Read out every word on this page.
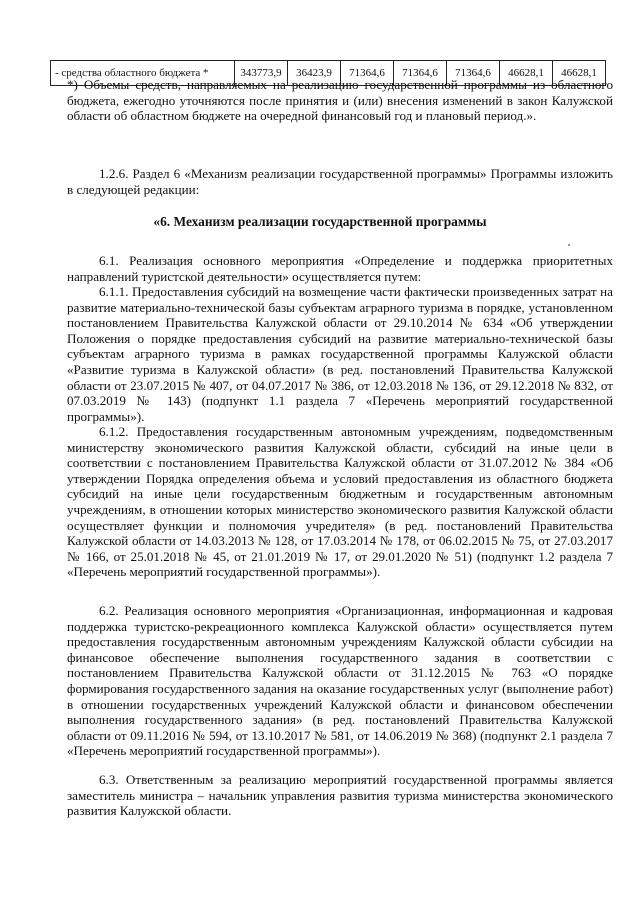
- средства областного бюджета *	343773,9	36423,9	71364,6	71364,6	71364,6	46628,1	46628,1

*) Объемы средств, направляемых на реализацию государственной программы из областного бюджета, ежегодно уточняются после принятия и (или) внесения изменений в закон Калужской области об областном бюджете на очередной финансовый год и плановый период.».

1.2.6. Раздел 6 «Механизм реализации государственной программы» Программы изложить в следующей редакции:

«6. Механизм реализации государственной программы

6.1. Реализация основного мероприятия «Определение и поддержка приоритетных направлений туристской деятельности» осуществляется путем:

6.1.1. Предоставления субсидий на возмещение части фактически произведенных затрат на развитие материально-технической базы субъектам аграрного туризма в порядке, установленном постановлением Правительства Калужской области от 29.10.2014 № 634 «Об утверждении Положения о порядке предоставления субсидий на развитие материально-технической базы субъектам аграрного туризма в рамках государственной программы Калужской области «Развитие туризма в Калужской области» (в ред. постановлений Правительства Калужской области от 23.07.2015 № 407, от 04.07.2017 № 386, от 12.03.2018 № 136, от 29.12.2018 № 832, от 07.03.2019 № 143) (подпункт 1.1 раздела 7 «Перечень мероприятий государственной программы»).

6.1.2. Предоставления государственным автономным учреждениям, подведомственным министерству экономического развития Калужской области, субсидий на иные цели в соответствии с постановлением Правительства Калужской области от 31.07.2012 № 384 «Об утверждении Порядка определения объема и условий предоставления из областного бюджета субсидий на иные цели государственным бюджетным и государственным автономным учреждениям, в отношении которых министерство экономического развития Калужской области осуществляет функции и полномочия учредителя» (в ред. постановлений Правительства Калужской области от 14.03.2013 № 128, от 17.03.2014 № 178, от 06.02.2015 № 75, от 27.03.2017 № 166, от 25.01.2018 № 45, от 21.01.2019 № 17, от 29.01.2020 № 51) (подпункт 1.2 раздела 7 «Перечень мероприятий государственной программы»).

6.2. Реализация основного мероприятия «Организационная, информационная и кадровая поддержка туристско-рекреационного комплекса Калужской области» осуществляется путем предоставления государственным автономным учреждениям Калужской области субсидии на финансовое обеспечение выполнения государственного задания в соответствии с постановлением Правительства Калужской области от 31.12.2015 № 763 «О порядке формирования государственного задания на оказание государственных услуг (выполнение работ) в отношении государственных учреждений Калужской области и финансовом обеспечении выполнения государственного задания» (в ред. постановлений Правительства Калужской области от 09.11.2016 № 594, от 13.10.2017 № 581, от 14.06.2019 № 368) (подпункт 2.1 раздела 7 «Перечень мероприятий государственной программы»).

6.3. Ответственным за реализацию мероприятий государственной программы является заместитель министра – начальник управления развития туризма министерства экономического развития Калужской области.
